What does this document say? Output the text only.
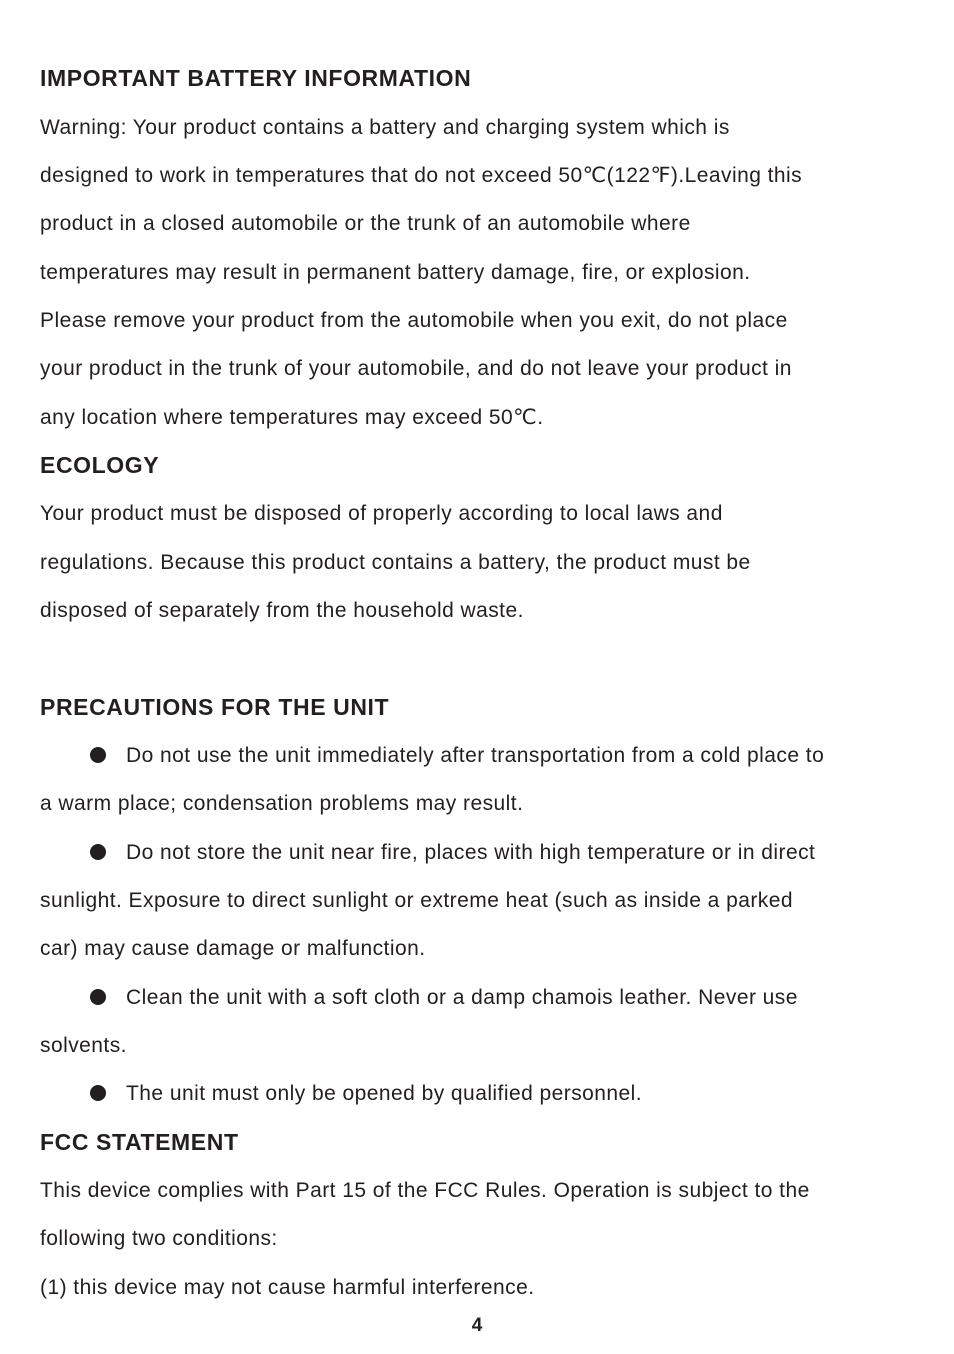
IMPORTANT BATTERY INFORMATION

Warning: Your product contains a battery and charging system which is

designed to work in temperatures that do not exceed 50℃(122℉).Leaving this

product in a closed automobile or the trunk of an automobile where

temperatures may result in permanent battery damage, fire, or explosion.

Please remove your product from the automobile when you exit, do not place

your product in the trunk of your automobile, and do not leave your product in

any location where temperatures may exceed 50℃.

ECOLOGY

Your product must be disposed of properly according to local laws and

regulations. Because this product contains a battery, the product must be

disposed of separately from the household waste.

PRECAUTIONS FOR THE UNIT
Do not use the unit immediately after transportation from a cold place to

a warm place; condensation problems may result.

Do not store the unit near fire, places with high temperature or in direct

sunlight. Exposure to direct sunlight or extreme heat (such as inside a parked

car) may cause damage or malfunction.

Clean the unit with a soft cloth or a damp chamois leather. Never use

solvents.

The unit must only be opened by qualified personnel.
FCC STATEMENT

This device complies with Part 15 of the FCC Rules. Operation is subject to the

following two conditions:

(1) this device may not cause harmful interference.

4
